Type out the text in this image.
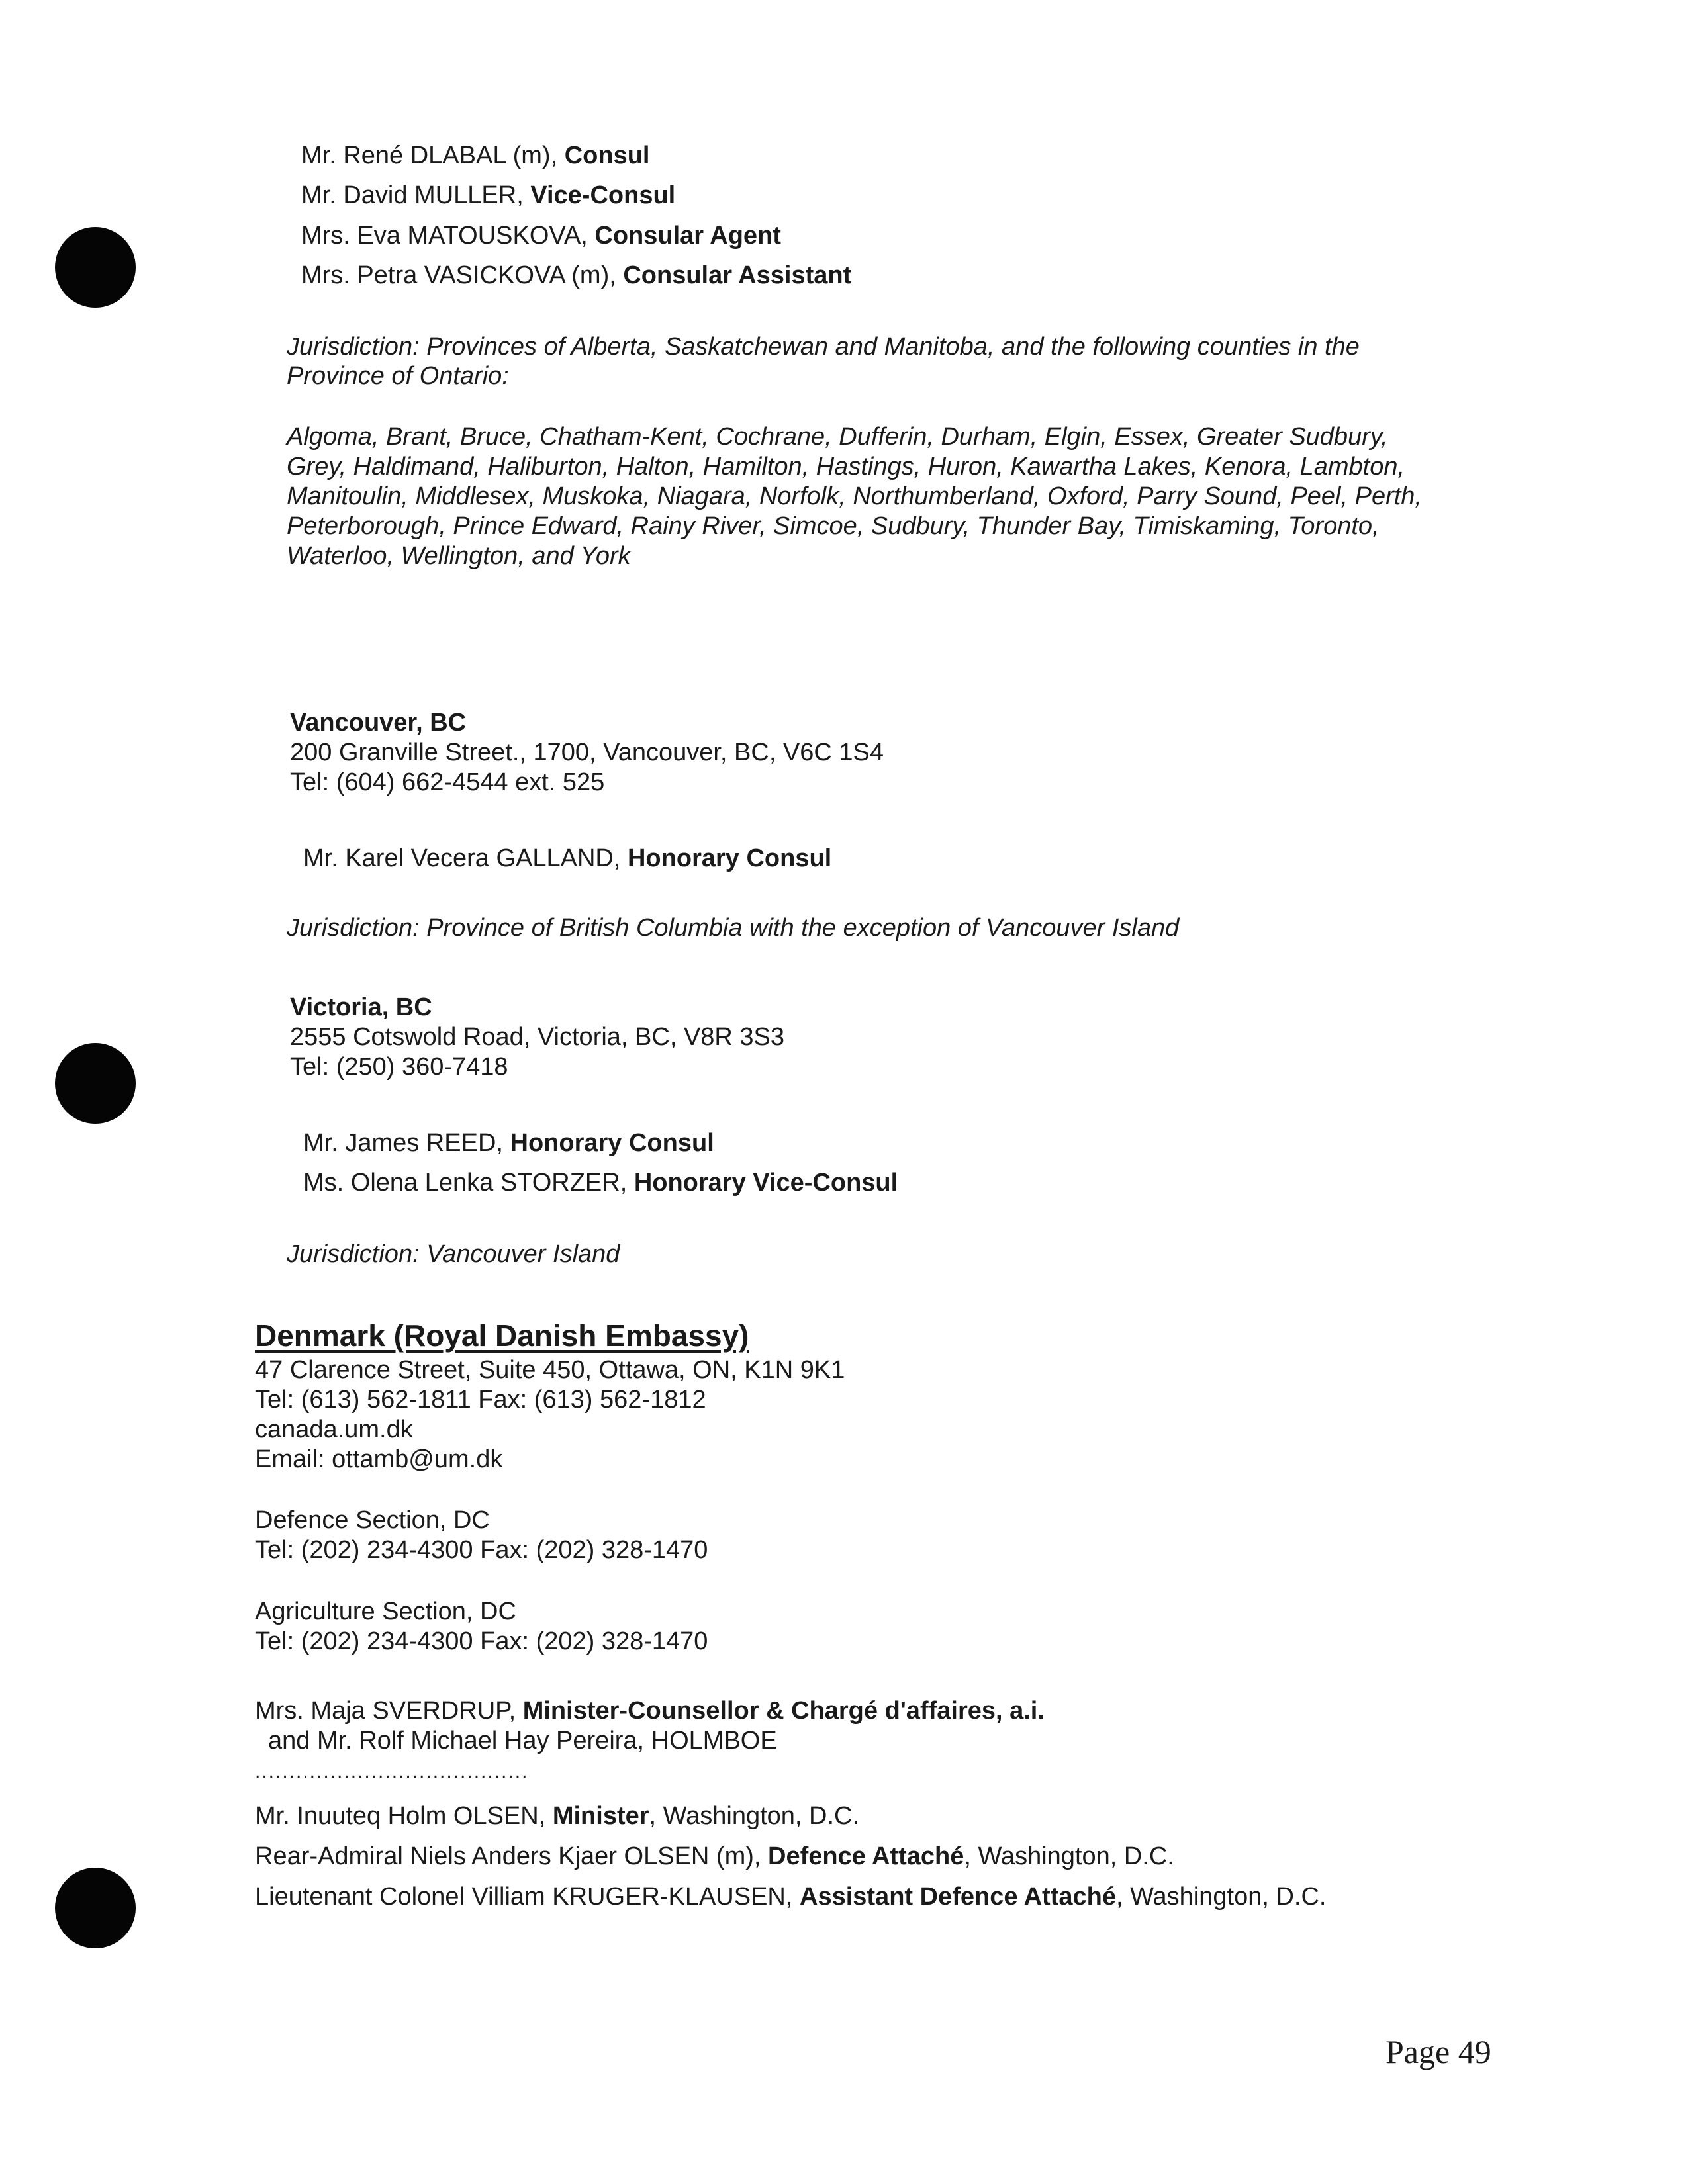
Mr. René DLABAL (m), Consul
Mr. David MULLER, Vice-Consul
Mrs. Eva MATOUSKOVA, Consular Agent
Mrs. Petra VASICKOVA (m), Consular Assistant
Jurisdiction: Provinces of Alberta, Saskatchewan and Manitoba, and the following counties in the
Province of Ontario:
Algoma, Brant, Bruce, Chatham-Kent, Cochrane, Dufferin, Durham, Elgin, Essex, Greater Sudbury, Grey, Haldimand, Haliburton, Halton, Hamilton, Hastings, Huron, Kawartha Lakes, Kenora, Lambton, Manitoulin, Middlesex, Muskoka, Niagara, Norfolk, Northumberland, Oxford, Parry Sound, Peel, Perth, Peterborough, Prince Edward, Rainy River, Simcoe, Sudbury, Thunder Bay, Timiskaming, Toronto, Waterloo, Wellington, and York
Vancouver, BC
200 Granville Street., 1700, Vancouver, BC, V6C 1S4
Tel: (604) 662-4544 ext. 525
Mr. Karel Vecera GALLAND, Honorary Consul
Jurisdiction: Province of British Columbia with the exception of Vancouver Island
Victoria, BC
2555 Cotswold Road, Victoria, BC, V8R 3S3
Tel: (250) 360-7418
Mr. James REED, Honorary Consul
Ms. Olena Lenka STORZER, Honorary Vice-Consul
Jurisdiction: Vancouver Island
Denmark (Royal Danish Embassy)
47 Clarence Street, Suite 450, Ottawa, ON, K1N 9K1
Tel: (613) 562-1811 Fax: (613) 562-1812
canada.um.dk
Email: ottamb@um.dk
Defence Section, DC
Tel: (202) 234-4300 Fax: (202) 328-1470
Agriculture Section, DC
Tel: (202) 234-4300 Fax: (202) 328-1470
Mrs. Maja SVERDRUP, Minister-Counsellor & Chargé d'affaires, a.i.
and Mr. Rolf Michael Hay Pereira, HOLMBOE
........................................
Mr. Inuuteq Holm OLSEN, Minister, Washington, D.C.
Rear-Admiral Niels Anders Kjaer OLSEN (m), Defence Attaché, Washington, D.C.
Lieutenant Colonel Villiam KRUGER-KLAUSEN, Assistant Defence Attaché, Washington, D.C.
Page 49
